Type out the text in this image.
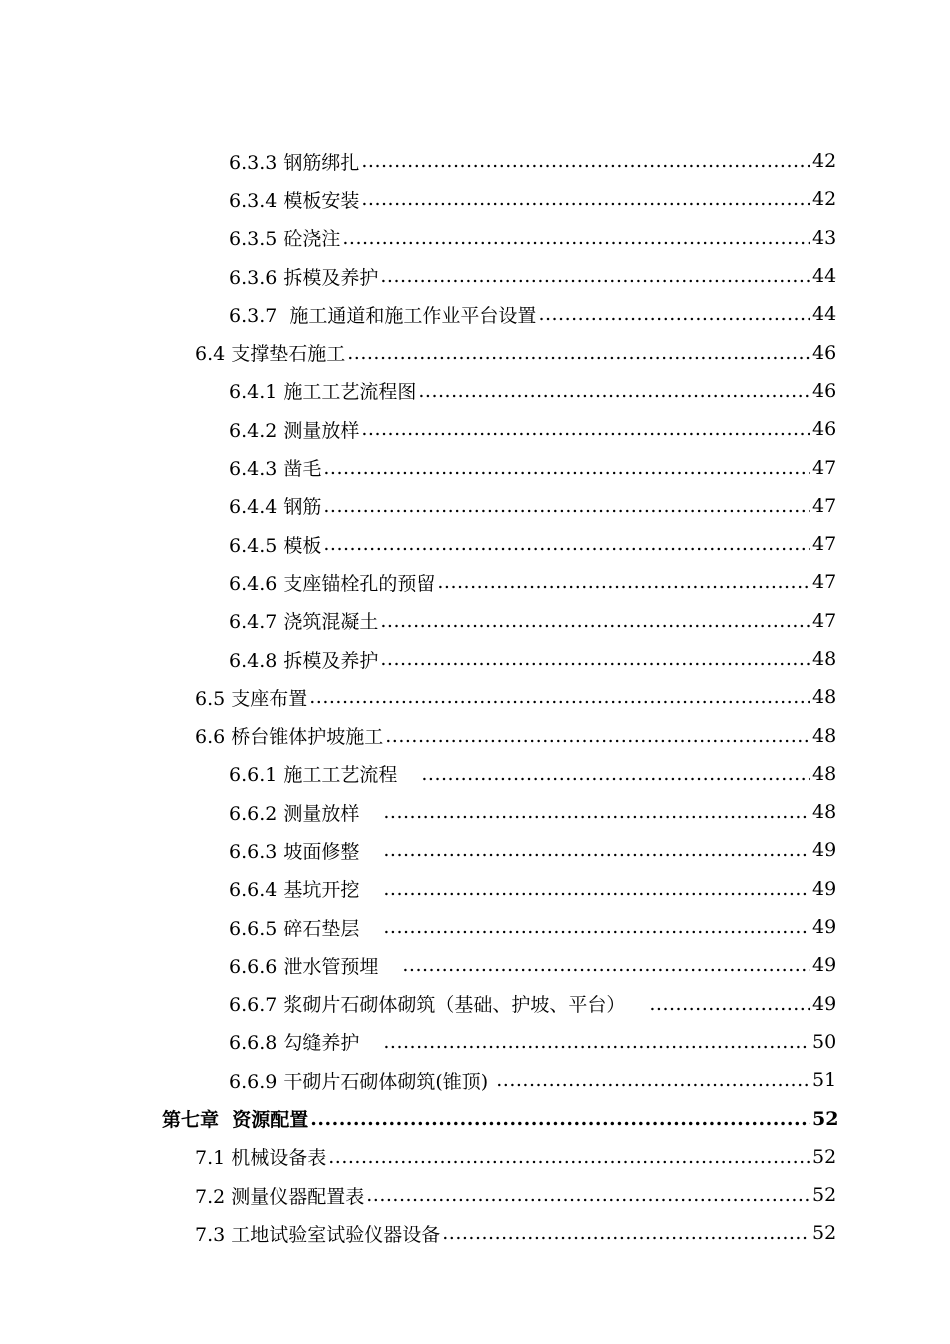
6.3.3 钢筋绑扎 .....	42
6.3.4 模板安装 .....	42
6.3.5 砼浇注 .....	43
6.3.6 拆模及养护 .....	44
6.3.7  施工通道和施工作业平台设置 .....	44
6.4 支撑垫石施工 .....	46
6.4.1 施工工艺流程图 .....	46
6.4.2 测量放样 .....	46
6.4.3 凿毛 .....	47
6.4.4 钢筋 .....	47
6.4.5 模板 .....	47
6.4.6 支座锚栓孔的预留 .....	47
6.4.7 浇筑混凝土 .....	47
6.4.8 拆模及养护 .....	48
6.5 支座布置 .....	48
6.6 桥台锥体护坡施工 .....	48
6.6.1 施工工艺流程 .....	48
6.6.2 测量放样 .....	48
6.6.3 坡面修整 .....	49
6.6.4 基坑开挖 .....	49
6.6.5 碎石垫层 .....	49
6.6.6 泄水管预埋 .....	49
6.6.7 浆砌片石砌体砌筑（基础、护坡、平台） .....	49
6.6.8 勾缝养护 .....	50
6.6.9 干砌片石砌体砌筑(锥顶) .....	51
第七章  资源配置 .....	52
7.1 机械设备表 .....	52
7.2 测量仪器配置表 .....	52
7.3 工地试验室试验仪器设备 .....	52
